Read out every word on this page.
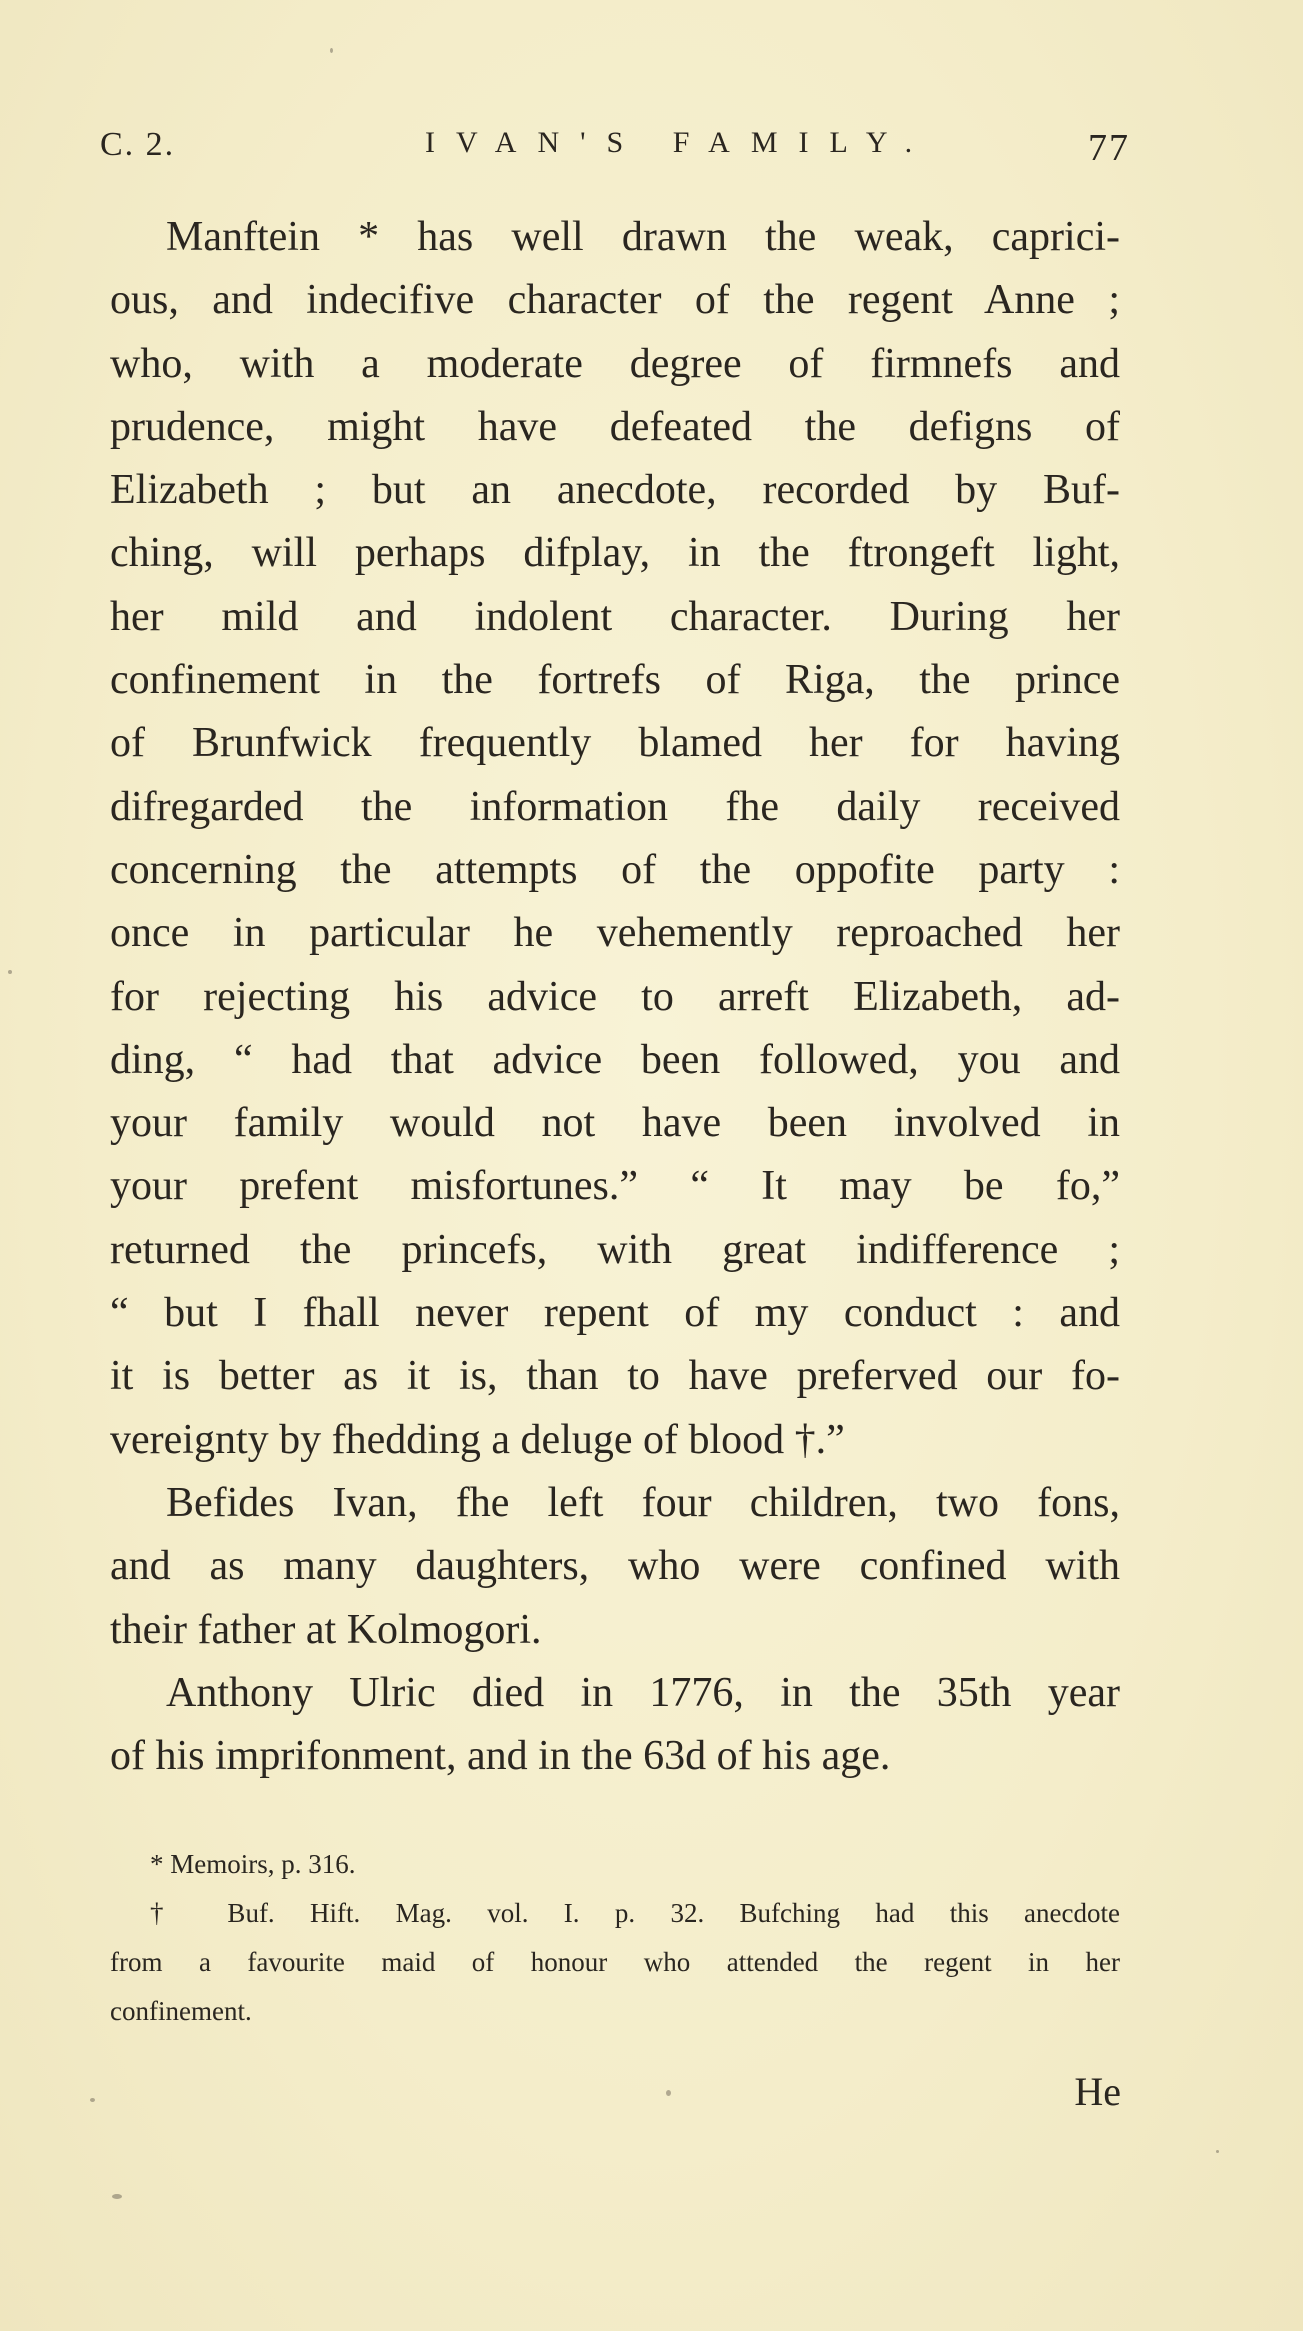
C. 2.	IVAN'S FAMILY.	77
Manftein * has well drawn the weak, caprici-
ous, and indecifive character of the regent Anne ;
who, with a moderate degree of firmnefs and
prudence, might have defeated the defigns of
Elizabeth ; but an anecdote, recorded by Buf-
ching, will perhaps difplay, in the ftrongeft light,
her mild and indolent character. During her
confinement in the fortrefs of Riga, the prince
of Brunfwick frequently blamed her for having
difregarded the information fhe daily received
concerning the attempts of the oppofite party :
once in particular he vehemently reproached her
for rejecting his advice to arreft Elizabeth, ad-
ding, “ had that advice been followed, you and
your family would not have been involved in
your prefent misfortunes.” “ It may be fo,”
returned the princefs, with great indifference ;
“ but I fhall never repent of my conduct : and
it is better as it is, than to have preferved our fo-
vereignty by fhedding a deluge of blood †.”
Befides Ivan, fhe left four children, two fons,
and as many daughters, who were confined with
their father at Kolmogori.
Anthony Ulric died in 1776, in the 35th year
of his imprifonment, and in the 63d of his age.
* Memoirs, p. 316.
† Buf. Hift. Mag. vol. I. p. 32. Bufching had this anecdote
from a favourite maid of honour who attended the regent in her
confinement.
He
